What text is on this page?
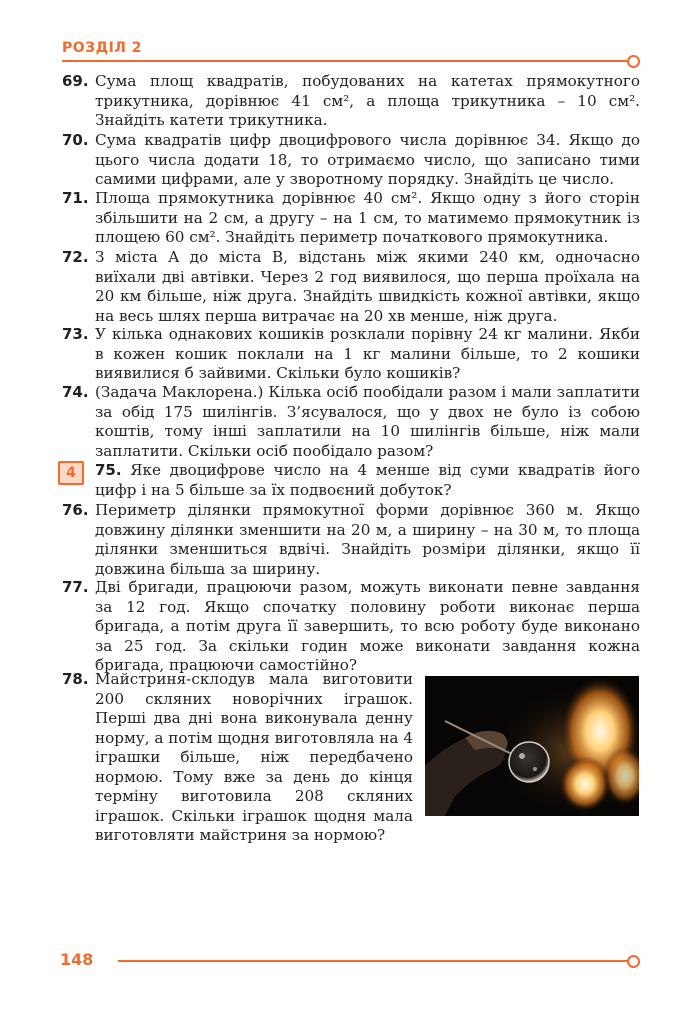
РОЗДІЛ 2
69. Сума площ квадратів, побудованих на катетах прямокутного трикутника, дорівнює 41 см², а площа трикутника – 10 см². Знайдіть катети трикутника.
70. Сума квадратів цифр двоцифрового числа дорівнює 34. Якщо до цього числа додати 18, то отримаємо число, що записано тими самими цифрами, але у зворотному порядку. Знайдіть це число.
71. Площа прямокутника дорівнює 40 см². Якщо одну з його сторін збільшити на 2 см, а другу – на 1 см, то матимемо прямокутник із площею 60 см². Знайдіть периметр початкового прямокутника.
72. З міста A до міста B, відстань між якими 240 км, одночасно виїхали дві автівки. Через 2 год виявилося, що перша проїхала на 20 км більше, ніж друга. Знайдіть швидкість кожної автівки, якщо на весь шлях перша витрачає на 20 хв менше, ніж друга.
73. У кілька однакових кошиків розклали порівну 24 кг малини. Якби в кожен кошик поклали на 1 кг малини більше, то 2 кошики виявилися б зайвими. Скільки було кошиків?
74. (Задача Маклорена.) Кілька осіб пообідали разом і мали заплатити за обід 175 шилінгів. З’ясувалося, що у двох не було із собою коштів, тому інші заплатили на 10 шилінгів більше, ніж мали заплатити. Скільки осіб пообідало разом?
4	75. Яке двоцифрове число на 4 менше від суми квадратів його цифр і на 5 більше за їх подвоєний добуток?
76. Периметр ділянки прямокутної форми дорівнює 360 м. Якщо довжину ділянки зменшити на 20 м, а ширину – на 30 м, то площа ділянки зменшиться вдвічі. Знайдіть розміри ділянки, якщо її довжина більша за ширину.
77. Дві бригади, працюючи разом, можуть виконати певне завдання за 12 год. Якщо спочатку половину роботи виконає перша бригада, а потім друга її завершить, то всю роботу буде виконано за 25 год. За скільки годин може виконати завдання кожна бригада, працюючи самостійно?
78. Майстриня-склодув мала виготовити 200 скляних новорічних іграшок. Перші два дні вона виконувала денну норму, а потім щодня виготовляла на 4 іграшки більше, ніж передбачено нормою. Тому вже за день до кінця терміну виготовила 208 скляних іграшок. Скільки іграшок щодня мала виготовляти майстриня за нормою?
148
